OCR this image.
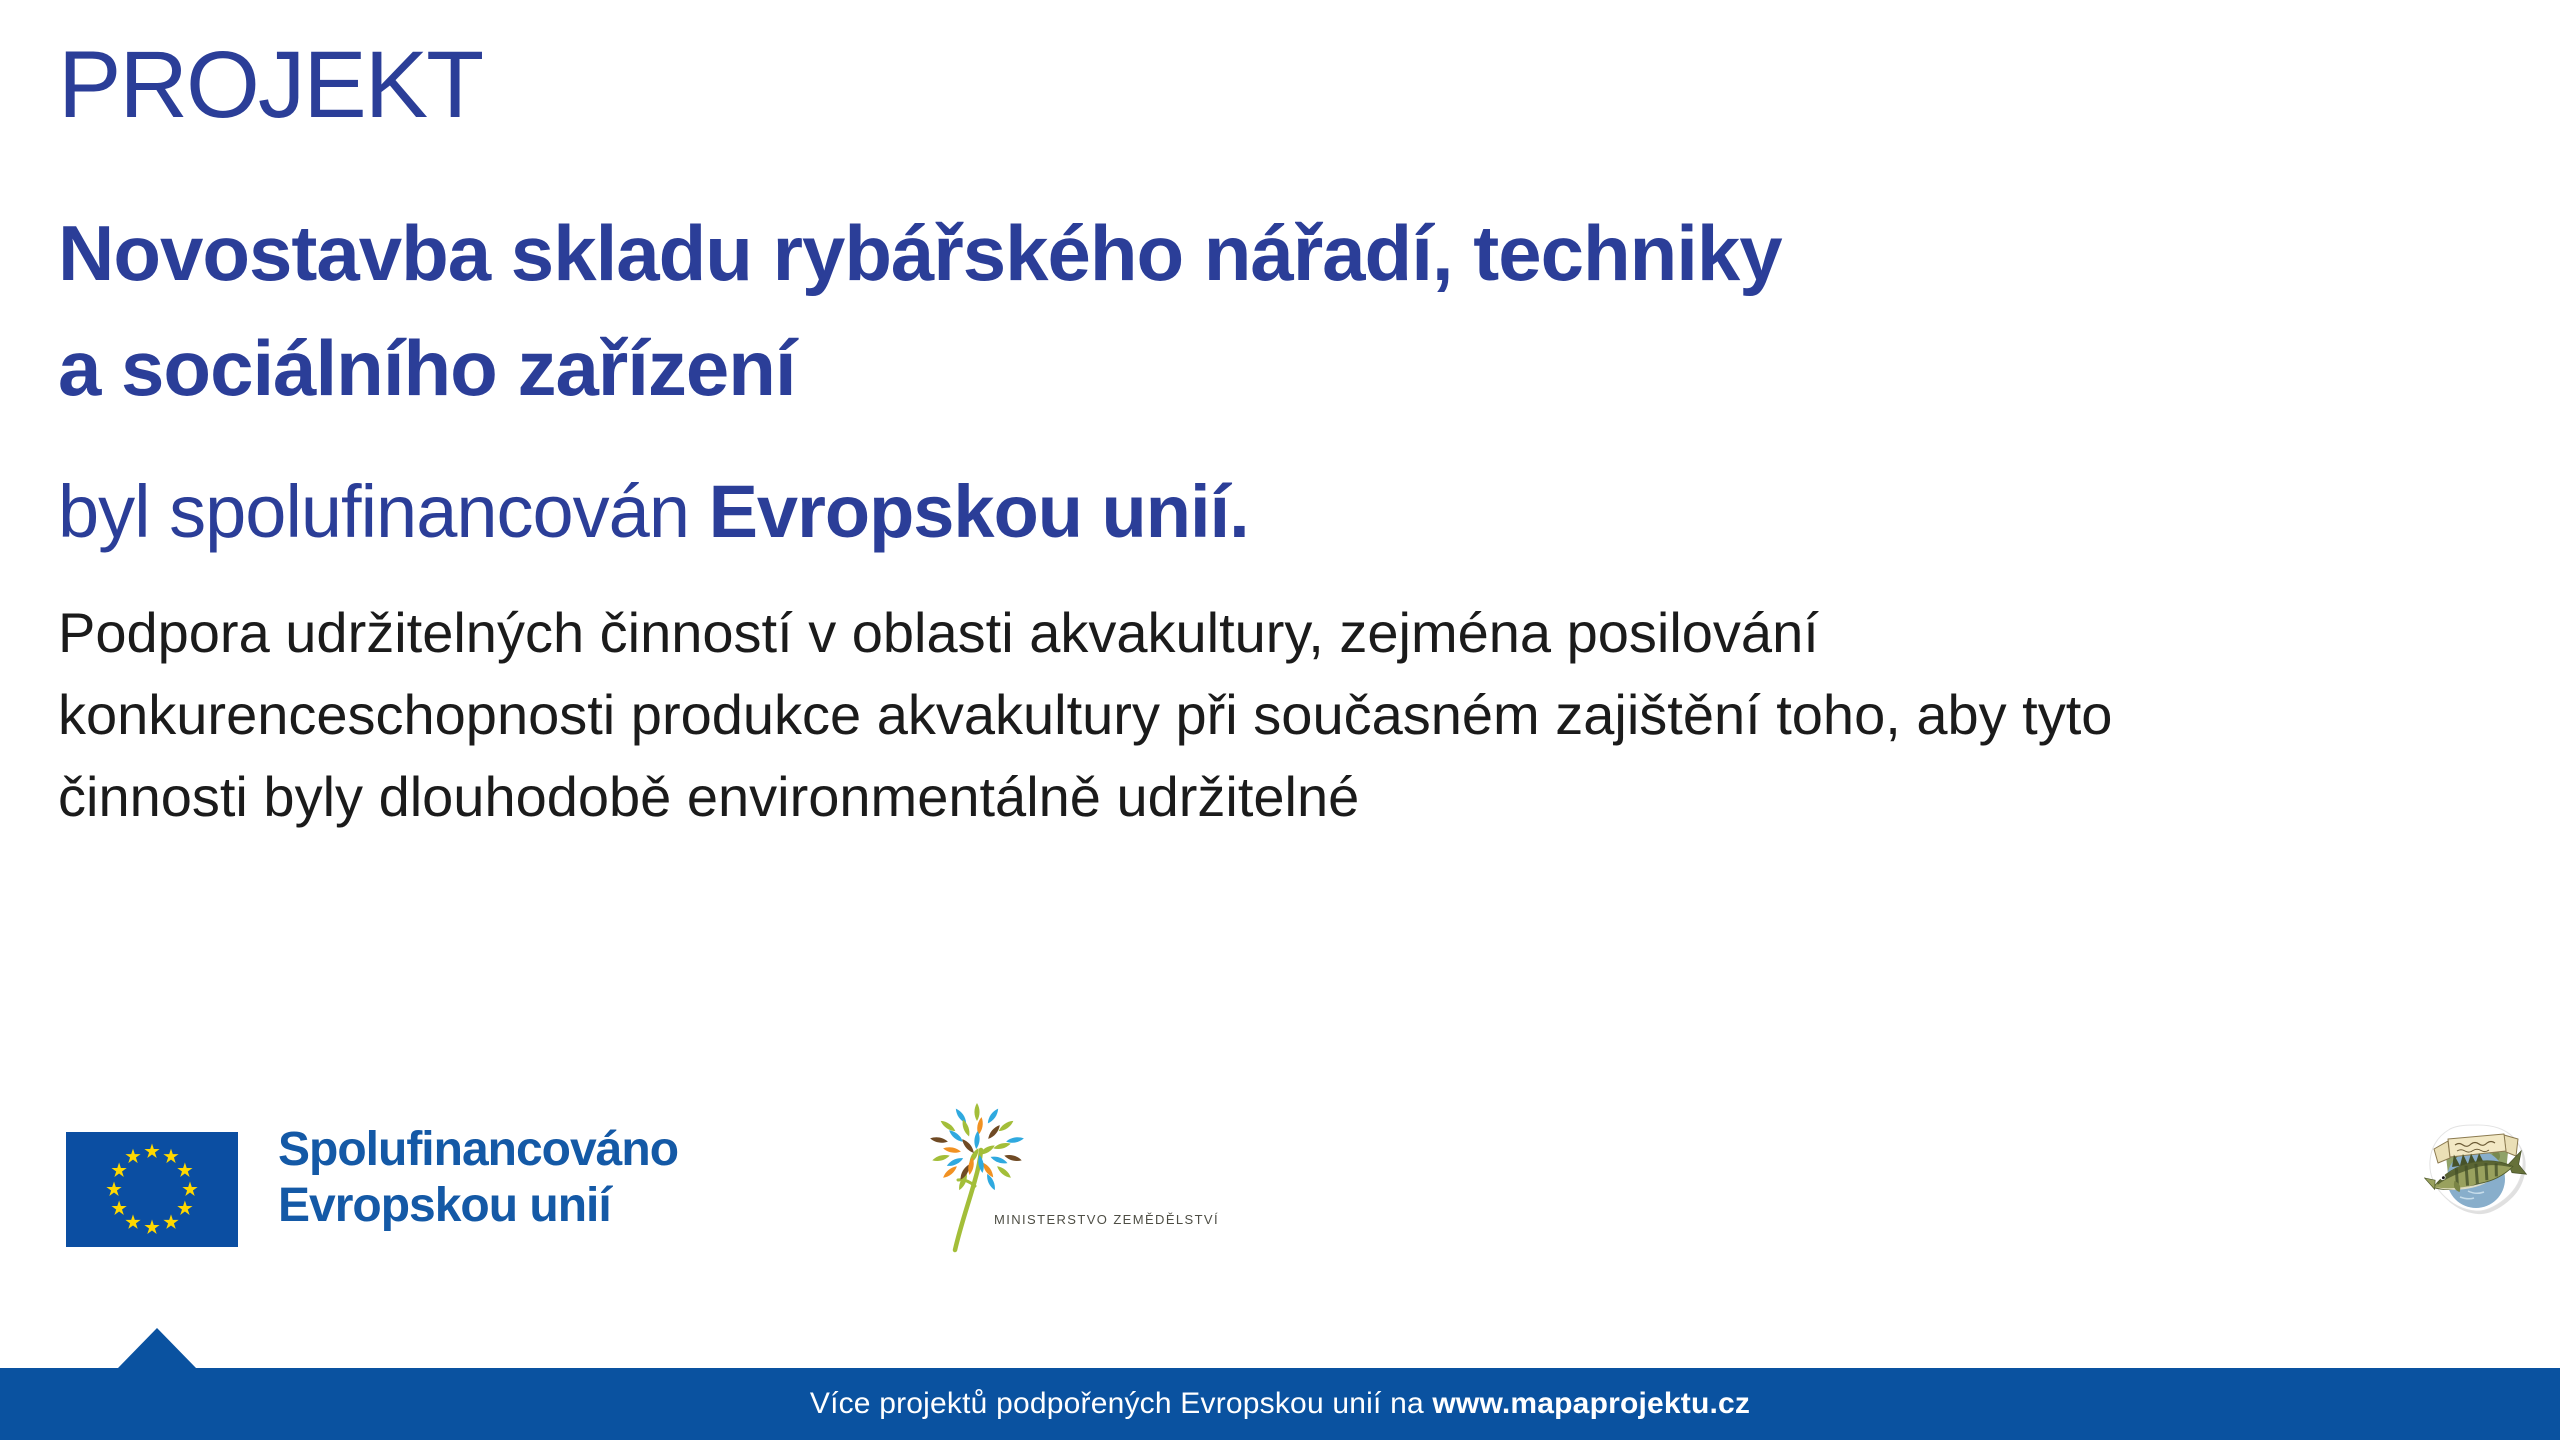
PROJEKT
Novostavba skladu rybářského nářadí, techniky
a sociálního zařízení
byl spolufinancován Evropskou unií.
Podpora udržitelných činností v oblasti akvakultury, zejména posilování
konkurenceschopnosti produkce akvakultury při současném zajištění toho, aby tyto
činnosti byly dlouhodobě environmentálně udržitelné
Spolufinancováno
Evropskou unií	MINISTERSTVO ZEMĚDĚLSTVÍ
Více projektů podpořených Evropskou unií na www.mapaprojektu.cz
